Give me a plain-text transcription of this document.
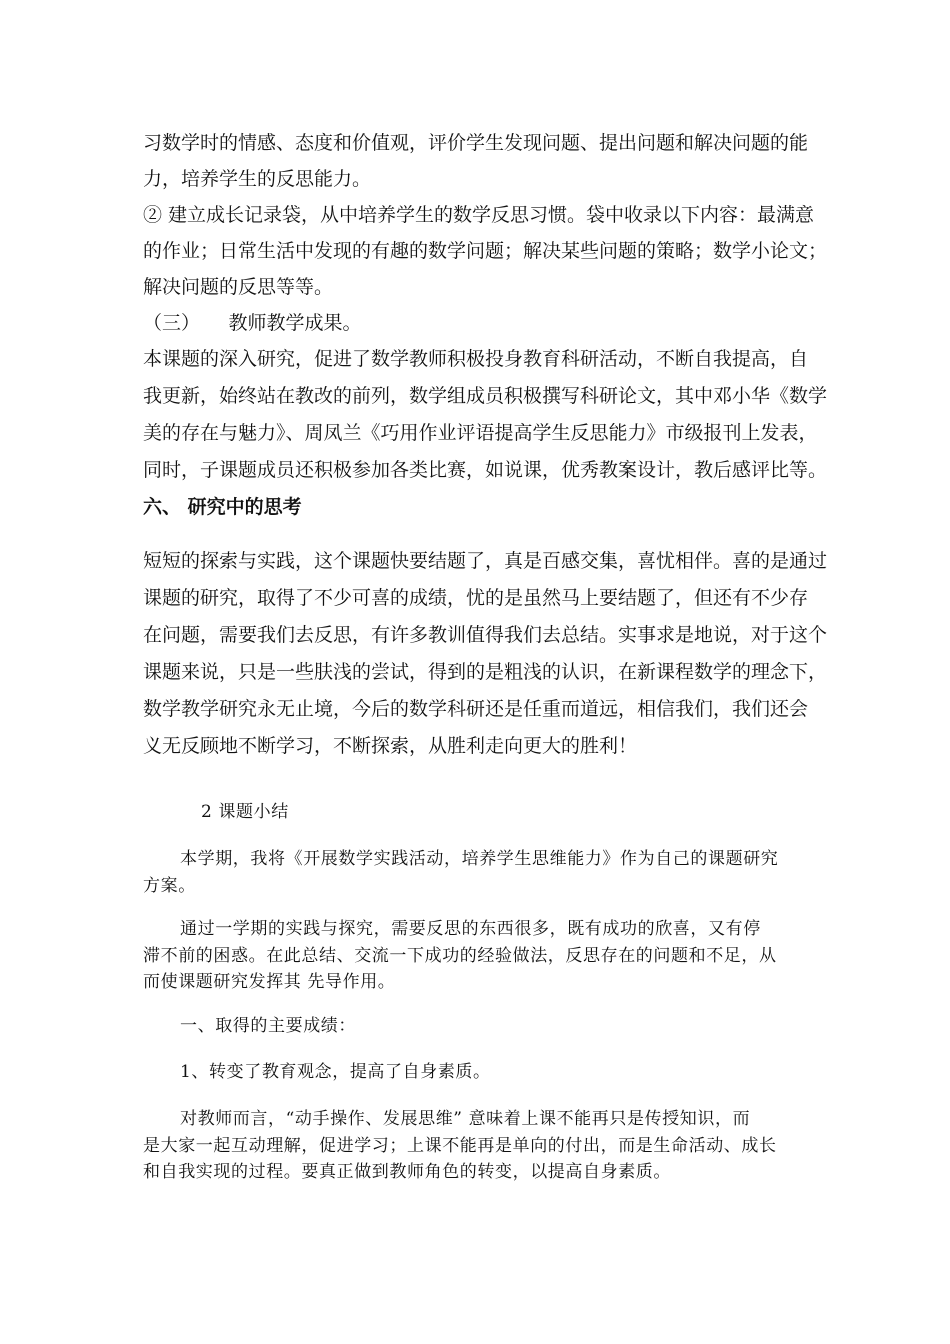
习数学时的情感、态度和价值观，评价学生发现问题、提出问题和解决问题的能

力，培养学生的反思能力。

② 建立成长记录袋，从中培养学生的数学反思习惯。袋中收录以下内容：最满意

的作业；日常生活中发现的有趣的数学问题；解决某些问题的策略；数学小论文；

解决问题的反思等等。

（三）　　教师教学成果。

本课题的深入研究，促进了数学教师积极投身教育科研活动，不断自我提高，自

我更新，始终站在教改的前列，数学组成员积极撰写科研论文，其中邓小华《数学

美的存在与魅力》、周凤兰《巧用作业评语提高学生反思能力》市级报刊上发表，

同时，子课题成员还积极参加各类比赛，如说课，优秀教案设计，教后感评比等。

六、 研究中的思考

短短的探索与实践，这个课题快要结题了，真是百感交集，喜忧相伴。喜的是通过

课题的研究，取得了不少可喜的成绩，忧的是虽然马上要结题了，但还有不少存

在问题，需要我们去反思，有许多教训值得我们去总结。实事求是地说，对于这个

课题来说，只是一些肤浅的尝试，得到的是粗浅的认识，在新课程数学的理念下，

数学教学研究永无止境，今后的数学科研还是任重而道远，相信我们，我们还会

义无反顾地不断学习，不断探索，从胜利走向更大的胜利！

2 课题小结

本学期，我将《开展数学实践活动，培养学生思维能力》作为自己的课题研究

方案。

通过一学期的实践与探究，需要反思的东西很多，既有成功的欣喜，又有停

滞不前的困惑。在此总结、交流一下成功的经验做法，反思存在的问题和不足，从

而使课题研究发挥其 先导作用。

一、取得的主要成绩：

1、转变了教育观念，提高了自身素质。

对教师而言，“动手操作、发展思维” 意味着上课不能再只是传授知识，而

是大家一起互动理解，促进学习；上课不能再是单向的付出，而是生命活动、成长

和自我实现的过程。要真正做到教师角色的转变，以提高自身素质。
